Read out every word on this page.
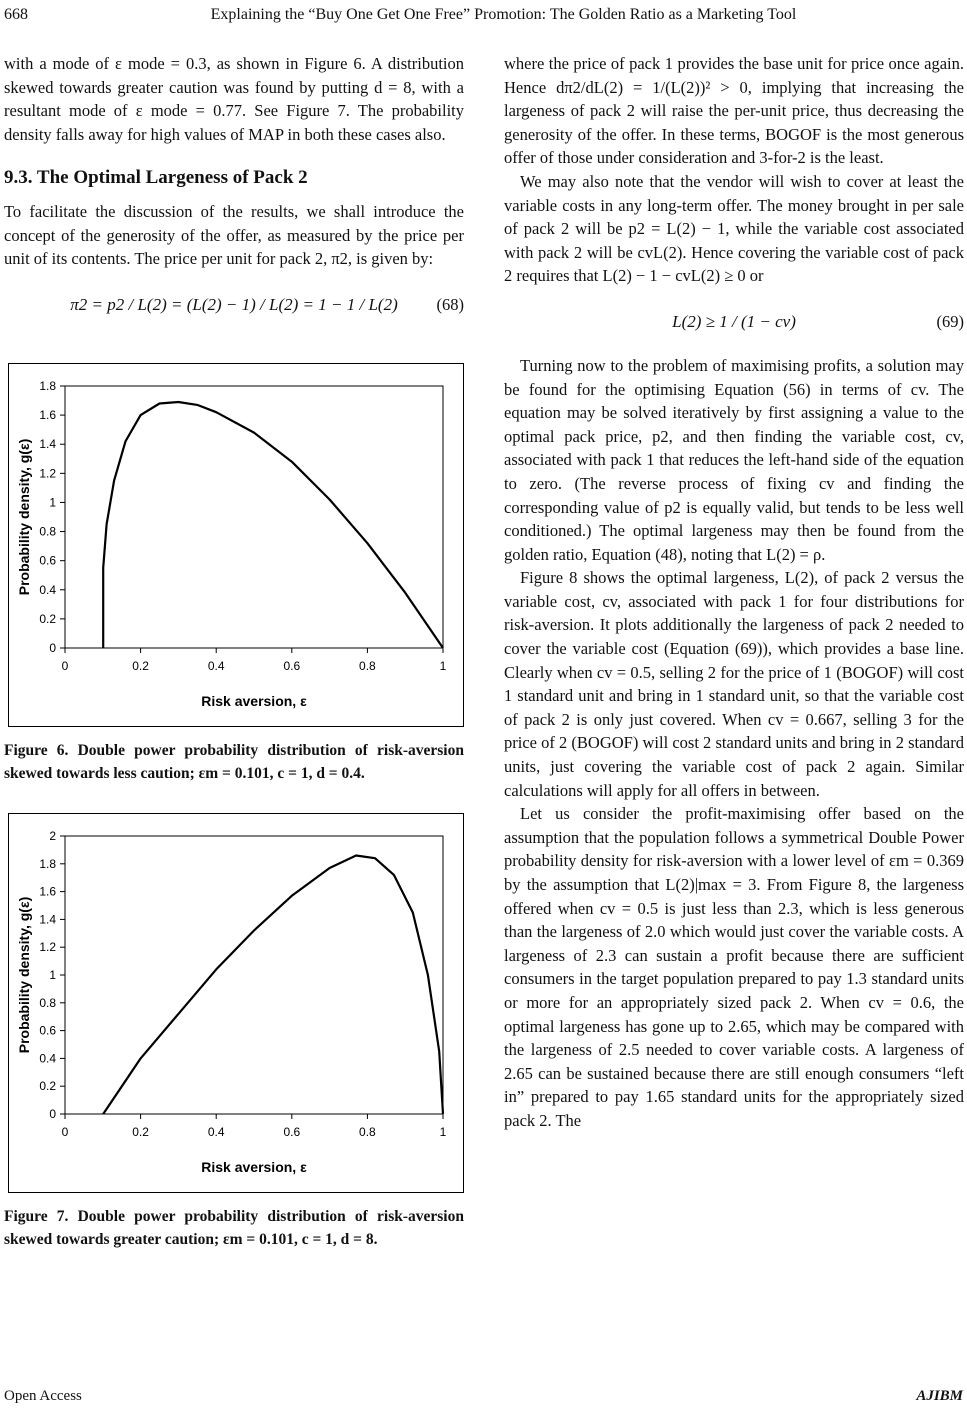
668	Explaining the “Buy One Get One Free” Promotion: The Golden Ratio as a Marketing Tool

with a mode of ε mode = 0.3, as shown in Figure 6. A distribution skewed towards greater caution was found by putting d = 8, with a resultant mode of ε mode = 0.77. See Figure 7. The probability density falls away for high values of MAP in both these cases also.

9.3. The Optimal Largeness of Pack 2

To facilitate the discussion of the results, we shall introduce the concept of the generosity of the offer, as measured by the price per unit of its contents. The price per unit for pack 2, π2, is given by:

π2 = p2 / L(2) = (L(2) − 1) / L(2) = 1 − 1 / L(2) (68)
0	0.2	0.4	0.6	0.8	1
0
0.2
0.4
0.6
0.8
1
1.2
1.4
1.6
1.8
Risk aversion, ε
Probability density, g(ε)

Figure 6. Double power probability distribution of risk-aversion skewed towards less caution; εm = 0.101, c = 1, d = 0.4.

0	0.2	0.4	0.6	0.8	1
0
0.2
0.4
0.6
0.8
1
1.2
1.4
1.6
1.8
2
Risk aversion, ε
Probability density, g(ε)

Figure 7. Double power probability distribution of risk-aversion skewed towards greater caution; εm = 0.101, c = 1, d = 8.

where the price of pack 1 provides the base unit for price once again. Hence dπ2/dL(2) = 1/(L(2))² > 0, implying that increasing the largeness of pack 2 will raise the per-unit price, thus decreasing the generosity of the offer. In these terms, BOGOF is the most generous offer of those under consideration and 3-for-2 is the least.

We may also note that the vendor will wish to cover at least the variable costs in any long-term offer. The money brought in per sale of pack 2 will be p2 = L(2) − 1, while the variable cost associated with pack 2 will be cvL(2). Hence covering the variable cost of pack 2 requires that L(2) − 1 − cvL(2) ≥ 0 or

L(2) ≥ 1 / (1 − cv)	(69)

Turning now to the problem of maximising profits, a solution may be found for the optimising Equation (56) in terms of cv. The equation may be solved iteratively by first assigning a value to the optimal pack price, p2, and then finding the variable cost, cv, associated with pack 1 that reduces the left-hand side of the equation to zero. (The reverse process of fixing cv and finding the corresponding value of p2 is equally valid, but tends to be less well conditioned.) The optimal largeness may then be found from the golden ratio, Equation (48), noting that L(2) = ρ.

Figure 8 shows the optimal largeness, L(2), of pack 2 versus the variable cost, cv, associated with pack 1 for four distributions for risk-aversion. It plots additionally the largeness of pack 2 needed to cover the variable cost (Equation (69)), which provides a base line. Clearly when cv = 0.5, selling 2 for the price of 1 (BOGOF) will cost 1 standard unit and bring in 1 standard unit, so that the variable cost of pack 2 is only just covered. When cv = 0.667, selling 3 for the price of 2 (BOGOF) will cost 2 standard units and bring in 2 standard units, just covering the variable cost of pack 2 again. Similar calculations will apply for all offers in between.

Let us consider the profit-maximising offer based on the assumption that the population follows a symmetrical Double Power probability density for risk-aversion with a lower level of εm = 0.369 by the assumption that L(2)|max = 3. From Figure 8, the largeness offered when cv = 0.5 is just less than 2.3, which is less generous than the largeness of 2.0 which would just cover the variable costs. A largeness of 2.3 can sustain a profit because there are sufficient consumers in the target population prepared to pay 1.3 standard units or more for an appropriately sized pack 2. When cv = 0.6, the optimal largeness has gone up to 2.65, which may be compared with the largeness of 2.5 needed to cover variable costs. A largeness of 2.65 can be sustained because there are still enough consumers “left in” prepared to pay 1.65 standard units for the appropriately sized pack 2. The

Open Access	AJIBM
